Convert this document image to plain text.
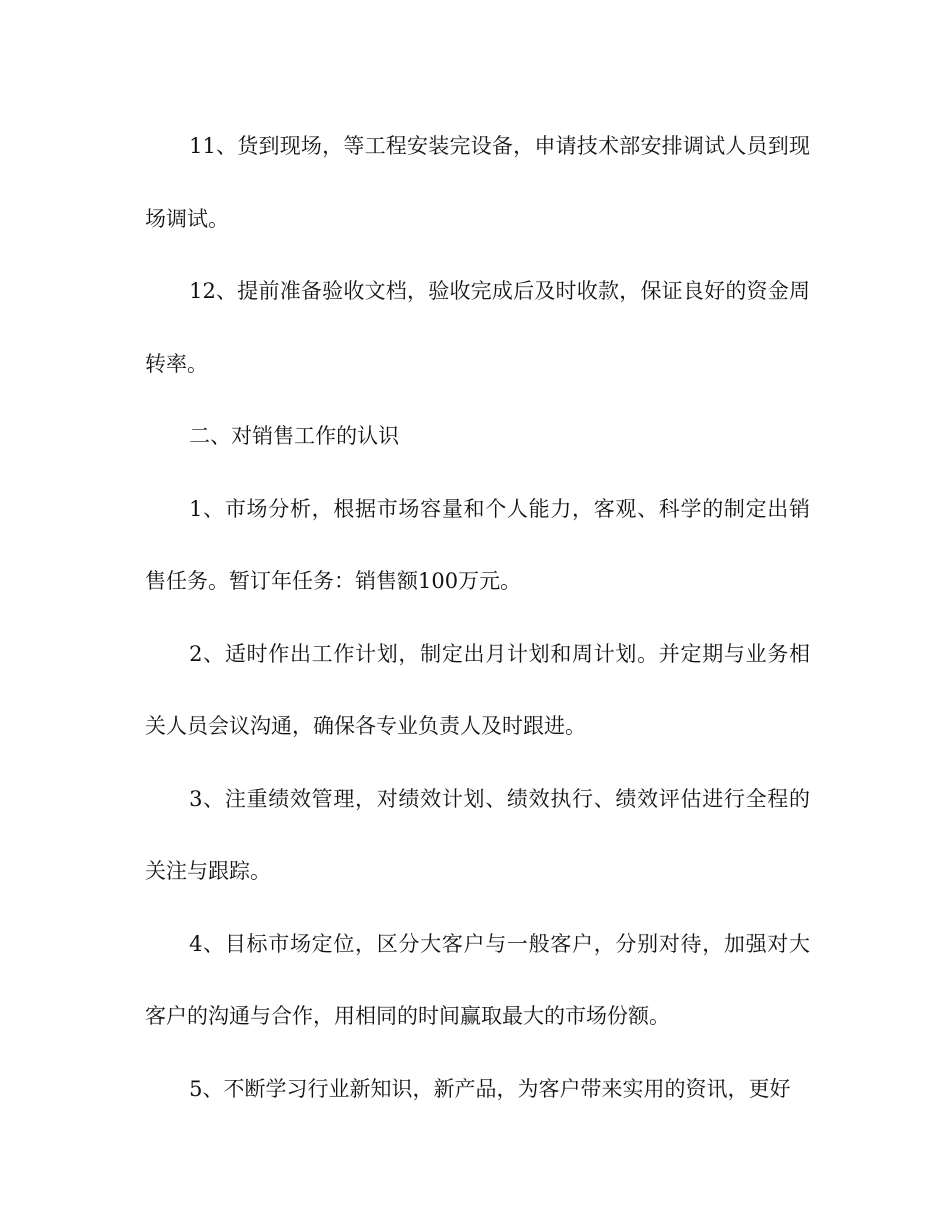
11、货到现场，等工程安装完设备，申请技术部安排调试人员到现场调试。

12、提前准备验收文档，验收完成后及时收款，保证良好的资金周转率。

二、对销售工作的认识

1、市场分析，根据市场容量和个人能力，客观、科学的制定出销售任务。暂订年任务：销售额100万元。

2、适时作出工作计划，制定出月计划和周计划。并定期与业务相关人员会议沟通，确保各专业负责人及时跟进。

3、注重绩效管理，对绩效计划、绩效执行、绩效评估进行全程的关注与跟踪。

4、目标市场定位，区分大客户与一般客户，分别对待，加强对大客户的沟通与合作，用相同的时间赢取最大的市场份额。

5、不断学习行业新知识，新产品，为客户带来实用的资讯，更好
